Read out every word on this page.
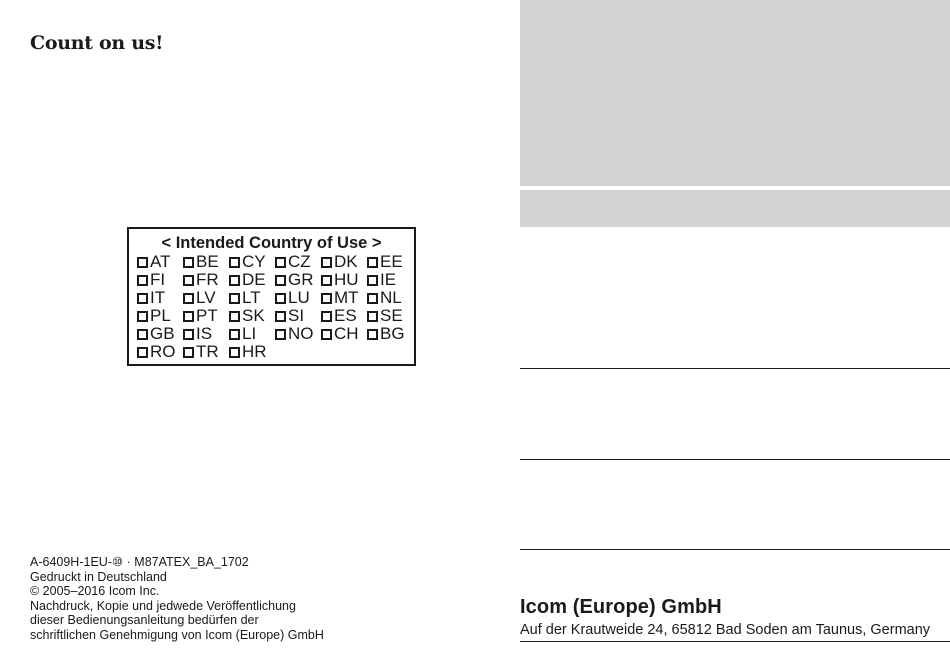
Count on us!
< Intended Country of Use >
AT BE CY CZ DK EE
FI FR DE GR HU IE
IT LV LT LU MT NL
PL PT SK SI ES SE
GB IS LI NO CH BG
RO TR HR
A-6409H-1EU-⑩ · M87ATEX_BA_1702
Gedruckt in Deutschland
© 2005–2016 Icom Inc.
Nachdruck, Kopie und jedwede Veröffentlichung
dieser Bedienungsanleitung bedürfen der
schriftlichen Genehmigung von Icom (Europe) GmbH
Icom (Europe) GmbH
Auf der Krautweide 24, 65812 Bad Soden am Taunus, Germany
